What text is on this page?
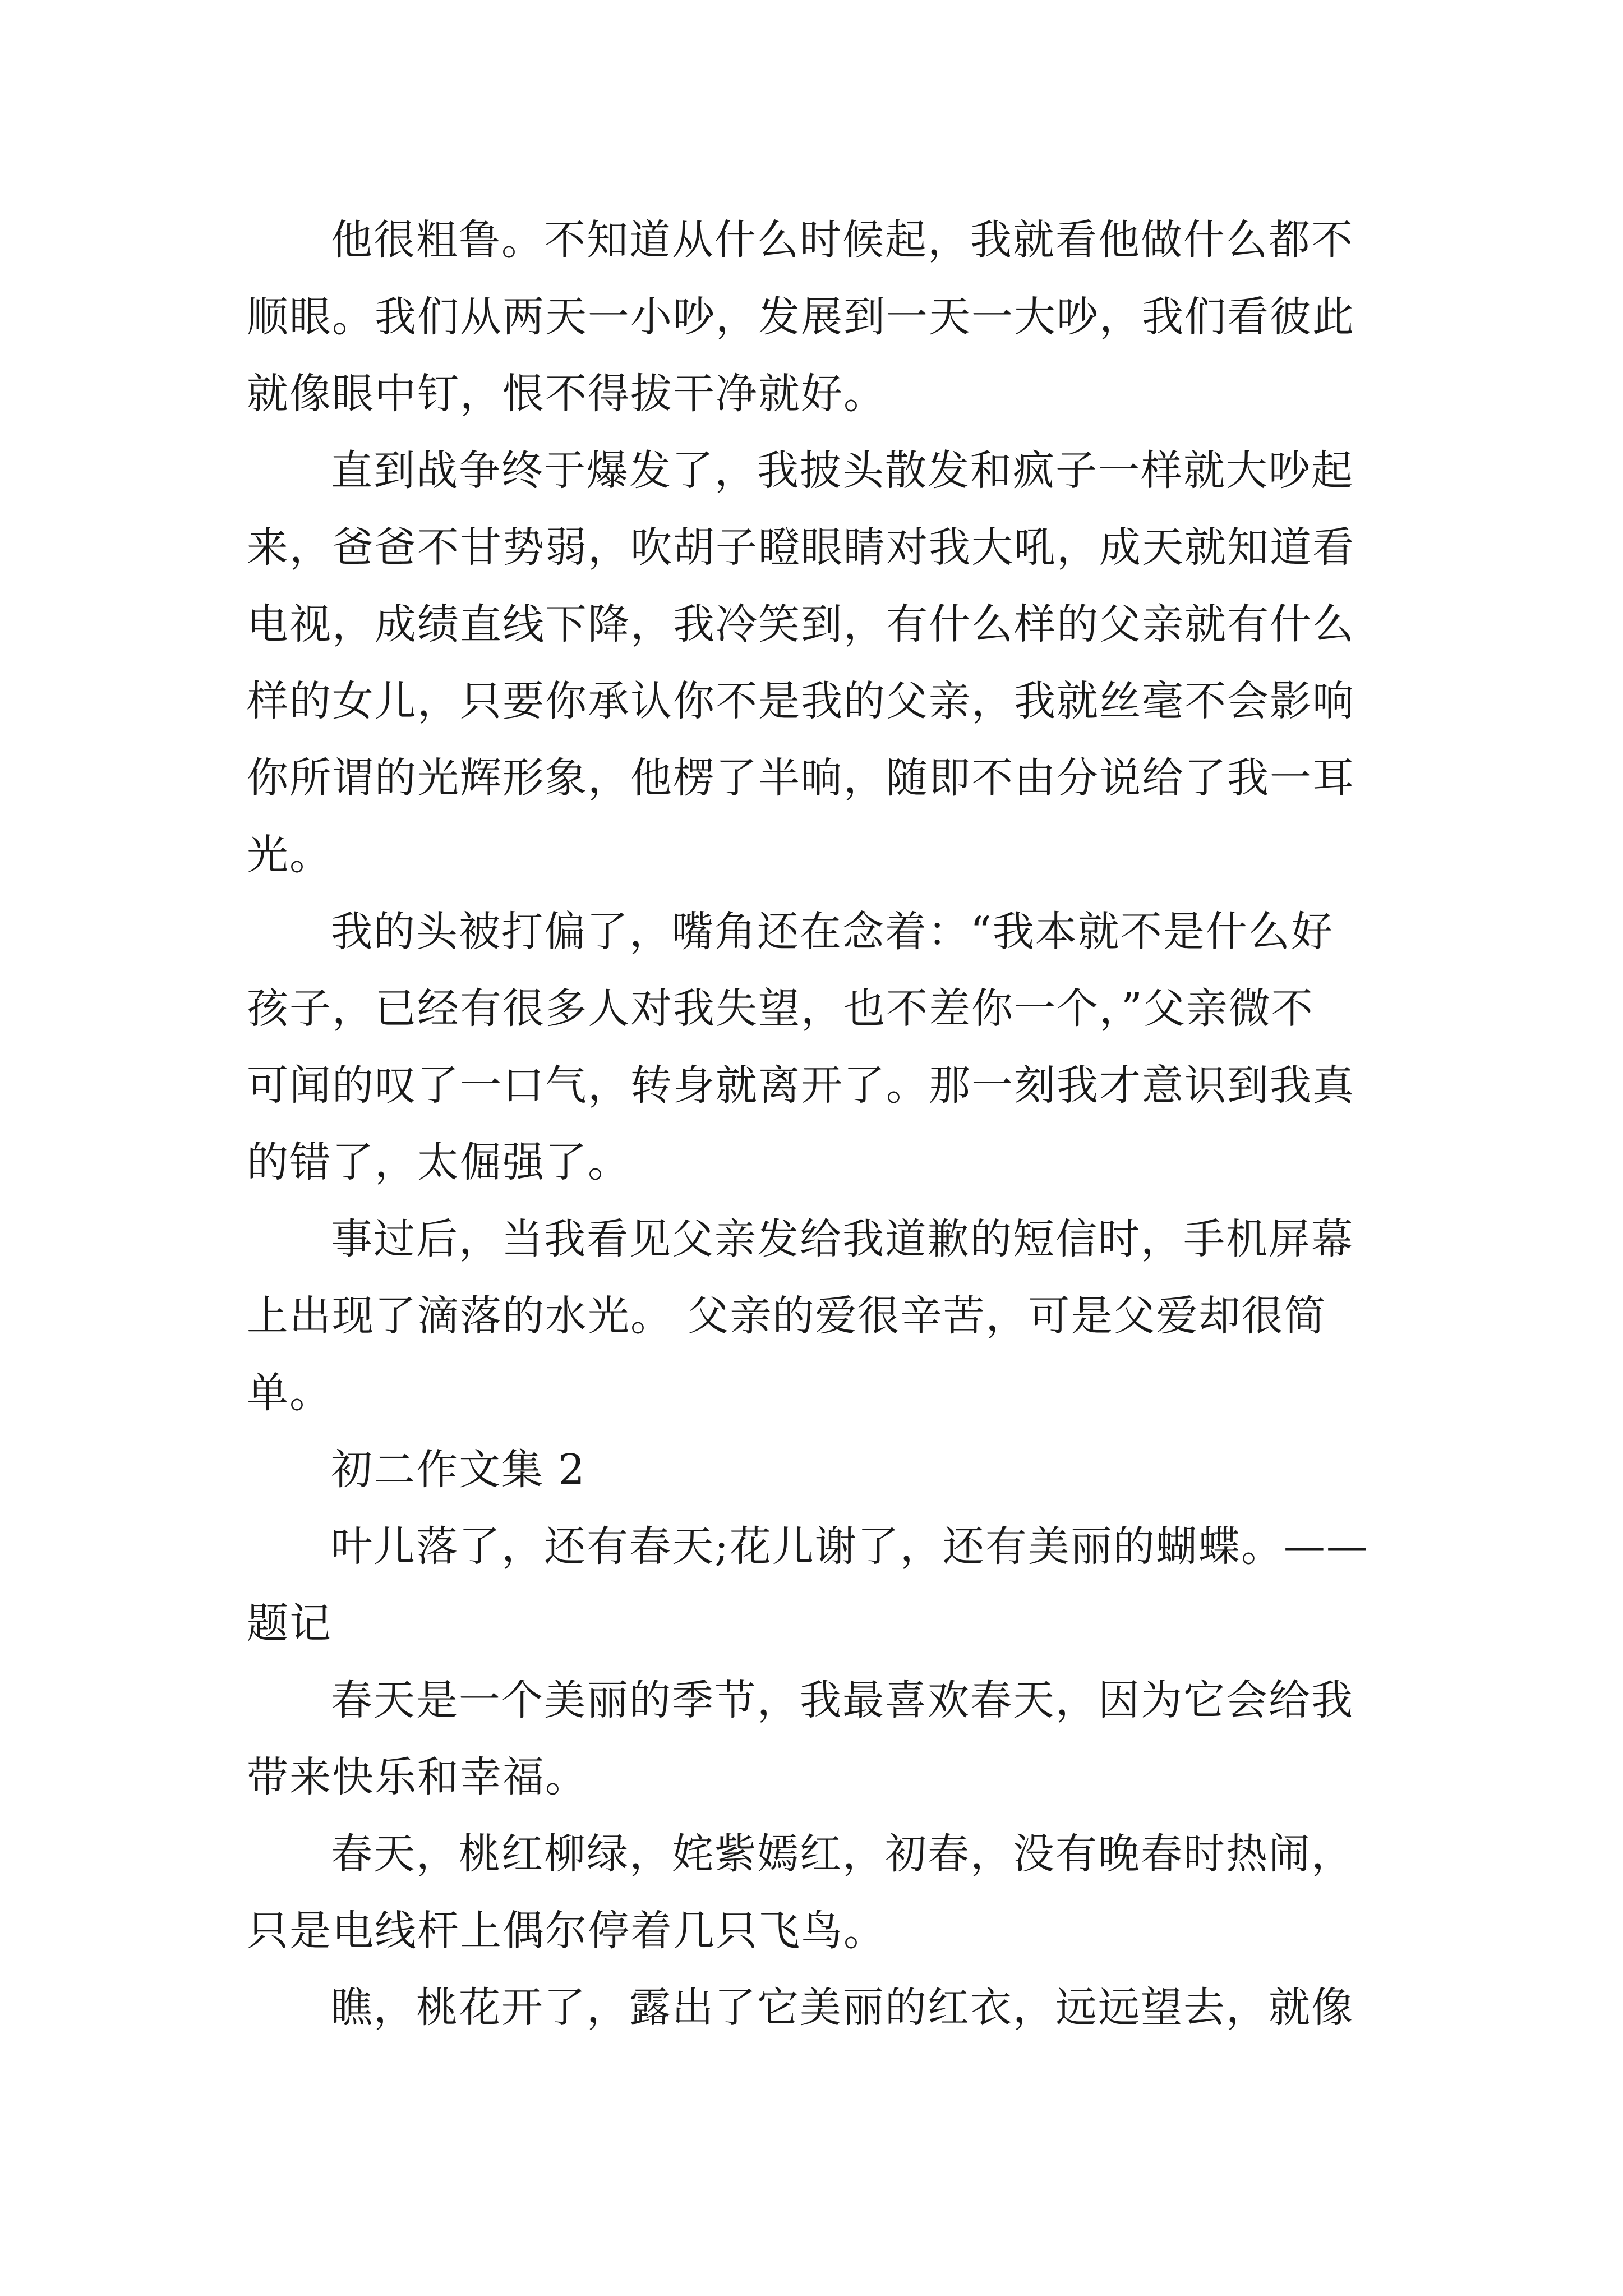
他很粗鲁。不知道从什么时候起，我就看他做什么都不
顺眼。我们从两天一小吵，发展到一天一大吵，我们看彼此
就像眼中钉，恨不得拔干净就好。
直到战争终于爆发了，我披头散发和疯子一样就大吵起
来，爸爸不甘势弱，吹胡子瞪眼睛对我大吼，成天就知道看
电视，成绩直线下降，我冷笑到，有什么样的父亲就有什么
样的女儿，只要你承认你不是我的父亲，我就丝毫不会影响
你所谓的光辉形象，他楞了半晌，随即不由分说给了我一耳
光。
我的头被打偏了，嘴角还在念着：“我本就不是什么好
孩子，已经有很多人对我失望，也不差你一个，”父亲微不
可闻的叹了一口气，转身就离开了。那一刻我才意识到我真
的错了，太倔强了。
事过后，当我看见父亲发给我道歉的短信时，手机屏幕
上出现了滴落的水光。 父亲的爱很辛苦，可是父爱却很简
单。
初二作文集 2
叶儿落了，还有春天;花儿谢了，还有美丽的蝴蝶。——
题记
春天是一个美丽的季节，我最喜欢春天，因为它会给我
带来快乐和幸福。
春天，桃红柳绿，姹紫嫣红，初春，没有晚春时热闹，
只是电线杆上偶尔停着几只飞鸟。
瞧，桃花开了，露出了它美丽的红衣，远远望去，就像
